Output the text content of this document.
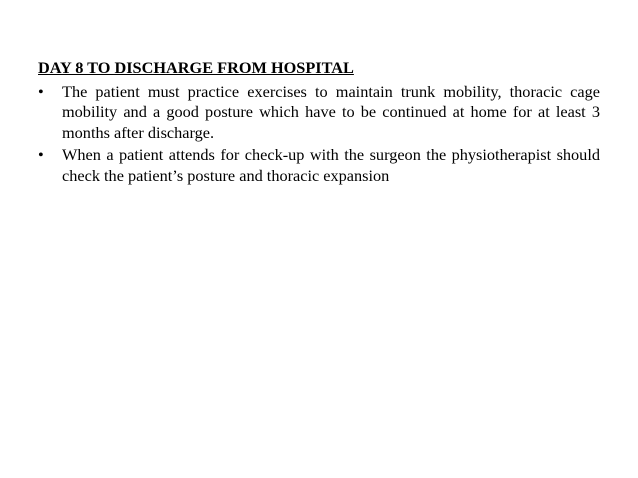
DAY 8 TO DISCHARGE FROM HOSPITAL
• The patient must practice exercises to maintain trunk mobility, thoracic cage mobility and a good posture which have to be continued at home for at least 3 months after discharge.
• When a patient attends for check-up with the surgeon the physiotherapist should check the patient’s posture and thoracic expansion
